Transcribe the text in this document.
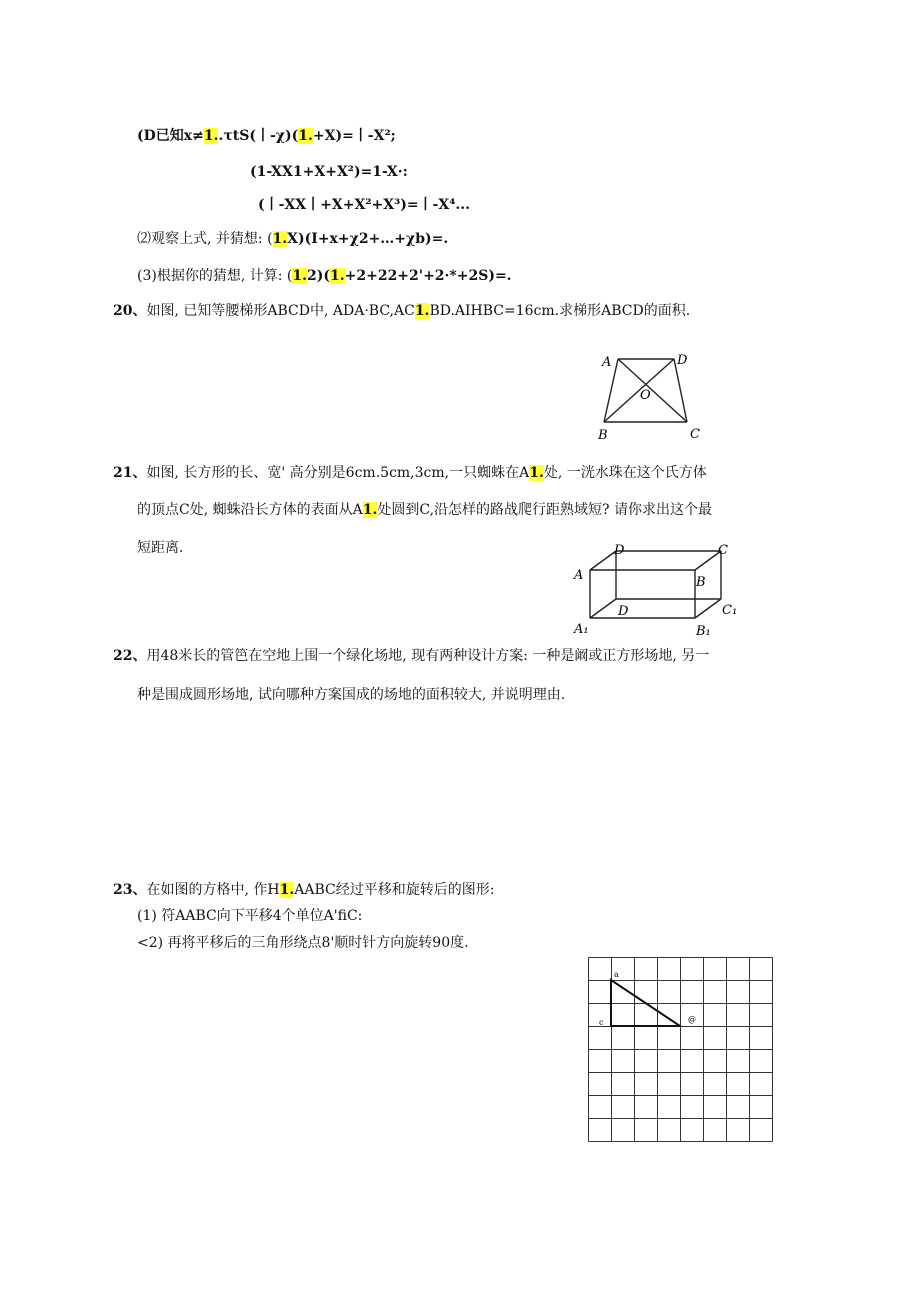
(D已知x≠1..τtS(丨-χ)(1.+X)=丨-X²;
(1-XX1+X+X²)=1-X·:
(丨-XX丨+X+X²+X³)=丨-X⁴...
⑵观察上式, 并猜想: (1.X)(I+x+χ2+…+χb)=.
(3)根据你的猜想, 计算: (1.2)(1.+2+22+2'+2·*+2S)=.
20、如图, 已知等腰梯形ABCD中, ADA·BC,AC1.BD.AIHBC=16cm.求梯形ABCD的面积.
A	D
O
B	C
21、如图, 长方形的长、宽' 高分别是6cm.5cm,3cm,一只蜘蛛在A1.处, 一洸水珠在这个氏方体
的顶点C处, 蜘蛛沿长方体的表面从A1.处圆到C,沿怎样的路战爬行距熟域短? 请你求出这个最
短距离.	D	C
A	B
D	C₁
A₁	B₁
22、用48米长的管笆在空地上围一个绿化场地, 现有两种设计方案: 一种是阚或正方形场地, 另一
种是围成圆形场地, 试向哪种方案国成的场地的面积较大, 并说明理由.
23、在如图的方格中, 作H1.AABC经过平移和旋转后的图形:
(1) 符AABC向下平移4个单位A'fiC:
<2) 再将平移后的三角形绕点8'顺时针方向旋转90度.
a
c	@
